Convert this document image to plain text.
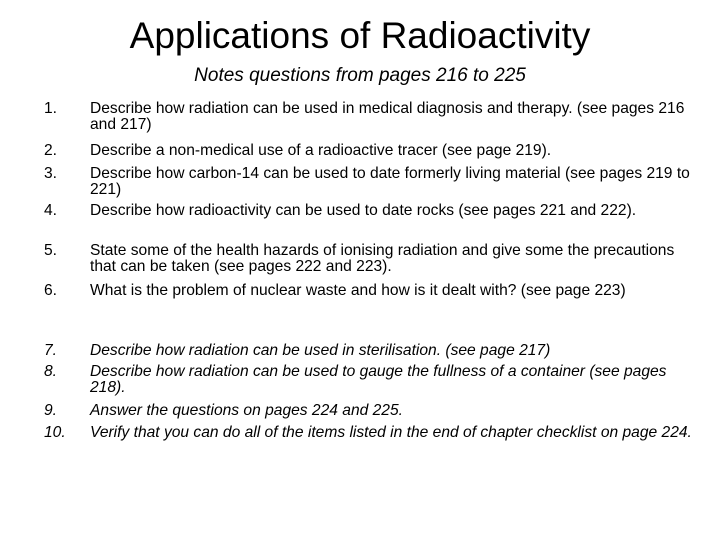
Applications of Radioactivity
Notes questions from pages 216 to 225
1.	Describe how radiation can be used in medical diagnosis and therapy. (see pages 216 and 217)
2.	Describe a non-medical use of a radioactive tracer (see page 219).
3.	Describe how carbon-14 can be used to date formerly living material (see pages 219 to 221)
4.	Describe how radioactivity can be used to date rocks (see pages 221 and 222).
5.	State some of the health hazards of ionising radiation and give some the precautions that can be taken (see pages 222 and 223).
6.	What is the problem of nuclear waste and how is it dealt with? (see page 223)
7.	Describe how radiation can be used in sterilisation. (see page 217)
8.	Describe how radiation can be used to gauge the fullness of a container (see pages 218).
9.	Answer the questions on pages 224 and 225.
10.	Verify that you can do all of the items listed in the end of chapter checklist on page 224.
